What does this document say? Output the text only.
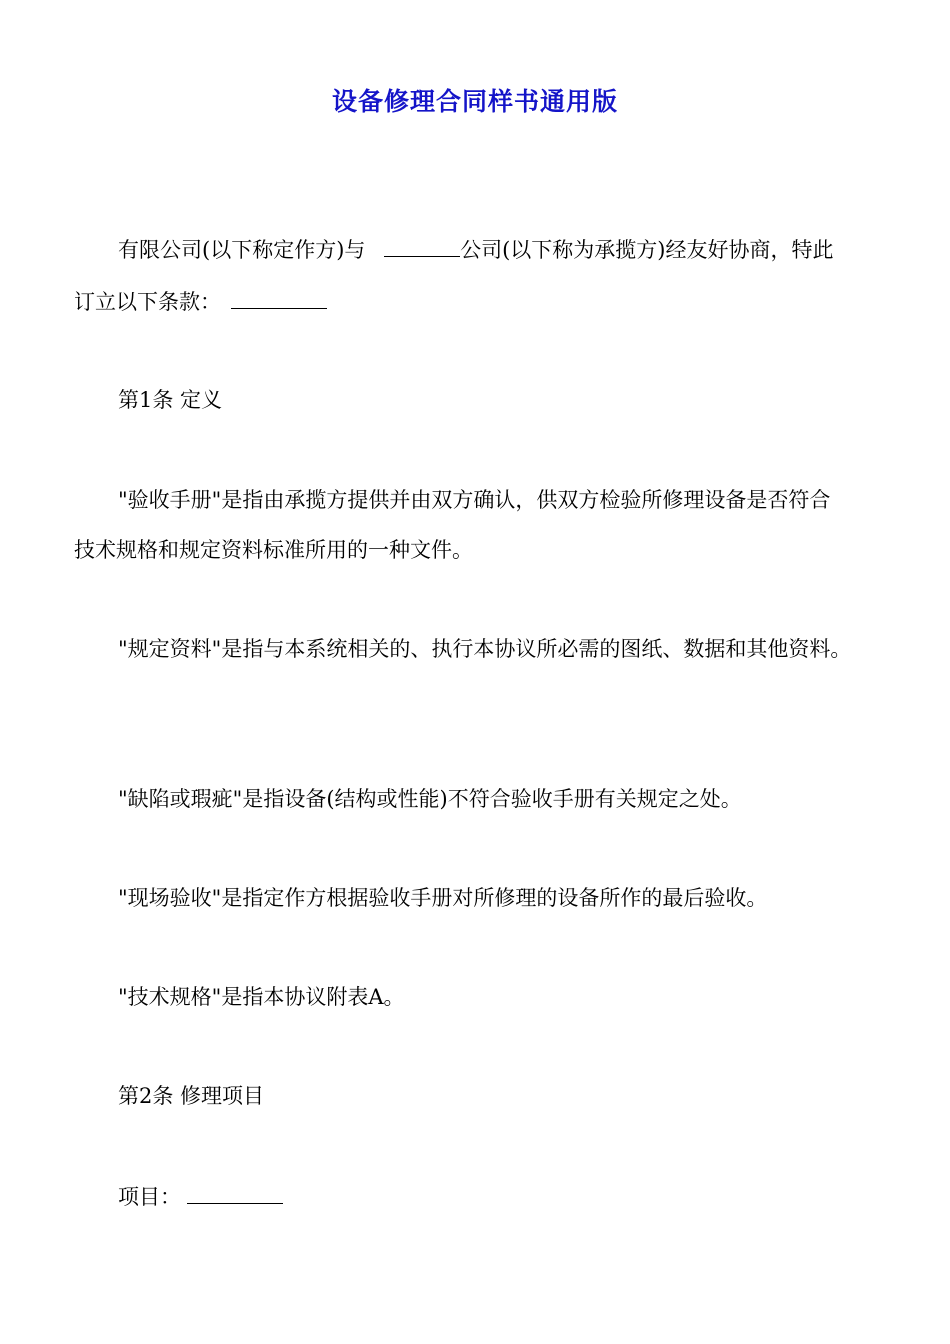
设备修理合同样书通用版
有限公司(以下称定作方)与	公司(以下称为承揽方)经友好协商，特此
订立以下条款：
第1条 定义
"验收手册"是指由承揽方提供并由双方确认，供双方检验所修理设备是否符合
技术规格和规定资料标准所用的一种文件。
"规定资料"是指与本系统相关的、执行本协议所必需的图纸、数据和其他资料。
"缺陷或瑕疵"是指设备(结构或性能)不符合验收手册有关规定之处。
"现场验收"是指定作方根据验收手册对所修理的设备所作的最后验收。
"技术规格"是指本协议附表A。
第2条 修理项目
项目：
